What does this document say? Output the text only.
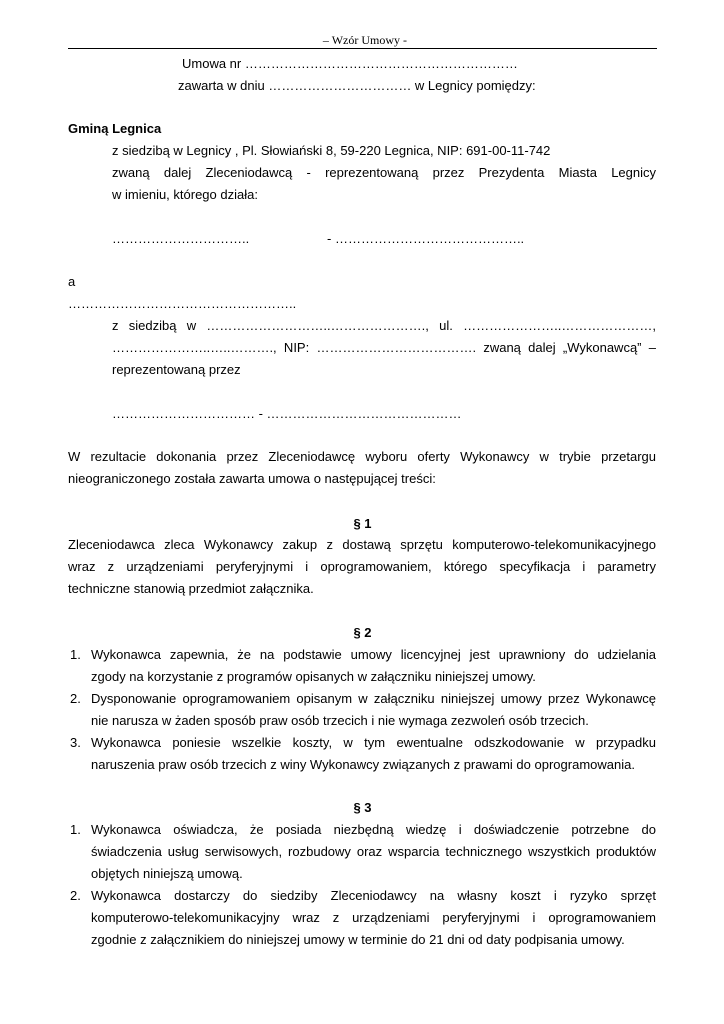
– Wzór Umowy -
Umowa nr ………………………………………………………
zawarta w dniu …………………………… w Legnicy pomiędzy:
Gminą Legnica
z siedzibą w Legnicy , Pl. Słowiański 8, 59-220 Legnica, NIP: 691-00-11-742
zwaną dalej Zleceniodawcą - reprezentowaną przez Prezydenta Miasta Legnicy
w imieniu, którego działa:
…………………………..	- ……………………………………..
a
……………………………………………..
z siedzibą w ………………………..…………………., ul. …………………..…………………,
…………………..…..………., NIP: ………………………………. zwaną dalej „Wykonawcą” –
reprezentowaną przez
…………………………… - ………………………………………
W rezultacie dokonania przez Zleceniodawcę wyboru oferty Wykonawcy w trybie przetargu
nieograniczonego została zawarta umowa o następującej treści:
§ 1
Zleceniodawca zleca Wykonawcy zakup z dostawą sprzętu komputerowo-telekomunikacyjnego
wraz z urządzeniami peryferyjnymi i oprogramowaniem, którego specyfikacja i parametry
techniczne stanowią przedmiot załącznika.
§ 2
1. Wykonawca zapewnia, że na podstawie umowy licencyjnej jest uprawniony do udzielania
zgody na korzystanie z programów opisanych w załączniku niniejszej umowy.
2. Dysponowanie oprogramowaniem opisanym w załączniku niniejszej umowy przez Wykonawcę
nie narusza w żaden sposób praw osób trzecich i nie wymaga zezwoleń osób trzecich.
3. Wykonawca poniesie wszelkie koszty, w tym ewentualne odszkodowanie w przypadku
naruszenia praw osób trzecich z winy Wykonawcy związanych z prawami do oprogramowania.
§ 3
1. Wykonawca oświadcza, że posiada niezbędną wiedzę i doświadczenie potrzebne do
świadczenia usług serwisowych, rozbudowy oraz wsparcia technicznego wszystkich produktów
objętych niniejszą umową.
2. Wykonawca dostarczy do siedziby Zleceniodawcy na własny koszt i ryzyko sprzęt
komputerowo-telekomunikacyjny wraz z urządzeniami peryferyjnymi i oprogramowaniem
zgodnie z załącznikiem do niniejszej umowy w terminie do 21 dni od daty podpisania umowy.
